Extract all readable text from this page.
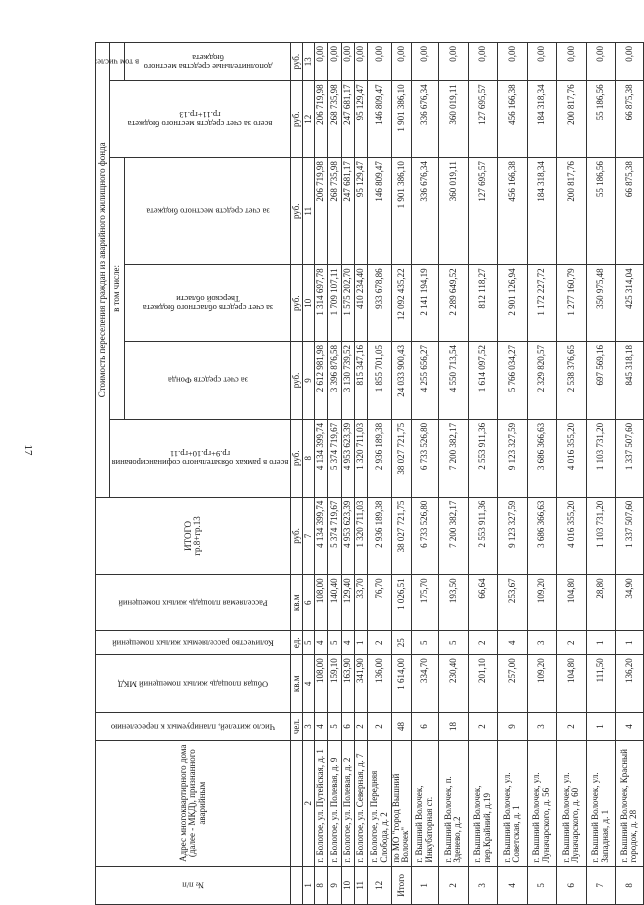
17
№ п/п	Адрес многоквартирного дома (далее - МКД), признанного аварийным	Число жителей, планируемых к переселению	Общая площадь жилых помещений МКД	Количество расселяемых жилых помещений	Расселяемая площадь жилых помещений	ИТОГО гр.8+гр.13	Стоимость переселения граждан из аварийного жилищного фонда					

							всего в рамках обязательного софинансирования гр.9+гр.10+гр.11	в том числе:			всего за счет средств местного бюджета гр.11+гр.13	в том числе:

								за счет средств Фонда	за счет средств областного бюджета Тверской области	за счет средств местного бюджета		дополнительные средства местного бюджета

		чел.	кв.м	ед.	кв.м	руб.	руб.	руб.	руб.	руб.	руб.	руб.
1	2	3	4	5	6	7	8	9	10	11	12	13
8	г. Бологое, ул. Путейская, д. 1	4	108,00	4	108,00	4 134 399,74	4 134 399,74	2 612 981,98	1 314 697,78	206 719,98	206 719,98	0,00
9	г. Бологое, ул. Полевая, д. 9	5	159,10	5	140,40	5 374 719,67	5 374 719,67	3 396 876,58	1 709 107,11	268 735,98	268 735,98	0,00
10	г. Бологое, ул. Полевая, д. 2	6	163,90	4	129,40	4 953 623,39	4 953 623,39	3 130 739,52	1 575 202,70	247 681,17	247 681,17	0,00
11	г. Бологое, ул. Северная, д. 7	2	341,90	1	33,70	1 320 711,03	1 320 711,03	815 347,16	410 234,40	95 129,47	95 129,47	0,00
12	г. Бологое, ул. Передняя Слобода, д. 2	2	136,00	2	76,70	2 936 189,38	2 936 189,38	1 855 701,05	933 678,86	146 809,47	146 809,47	0,00
Итого	по МО "город Вышний Волочек"	48	1 614,00	25	1 026,51	38 027 721,75	38 027 721,75	24 033 900,43	12 092 435,22	1 901 386,10	1 901 386,10	0,00
1	г. Вышний Волочек, Инкубаторная ст.	6	334,70	5	175,70	6 733 526,80	6 733 526,80	4 255 656,27	2 141 194,19	336 676,34	336 676,34	0,00
2	г. Вышний Волочек, п. Зденево, д.2	18	230,40	5	193,50	7 200 382,17	7 200 382,17	4 550 713,54	2 289 649,52	360 019,11	360 019,11	0,00
3	г. Вышний Волочек, пер.Крайний, д.19	2	201,10	2	66,64	2 553 911,36	2 553 911,36	1 614 097,52	812 118,27	127 695,57	127 695,57	0,00
4	г. Вышний Волочек, ул. Советская, д. 1	9	257,00	4	253,67	9 123 327,59	9 123 327,59	5 766 034,27	2 901 126,94	456 166,38	456 166,38	0,00
5	г. Вышний Волочек, ул. Луначарского, д. 56	3	109,20	3	109,20	3 686 366,63	3 686 366,63	2 329 820,57	1 172 227,72	184 318,34	184 318,34	0,00
6	г. Вышний Волочек, ул. Луначарского, д. 60	2	104,80	2	104,80	4 016 355,20	4 016 355,20	2 538 376,65	1 277 160,79	200 817,76	200 817,76	0,00
7	г. Вышний Волочек, ул. Западная, д. 1	1	111,50	1	28,80	1 103 731,20	1 103 731,20	697 569,16	350 975,48	55 186,56	55 186,56	0,00
8	г. Вышний Волочек, Красный городок, д. 28	4	136,20	1	34,90	1 337 507,60	1 337 507,60	845 318,18	425 314,04	66 875,38	66 875,38	0,00
